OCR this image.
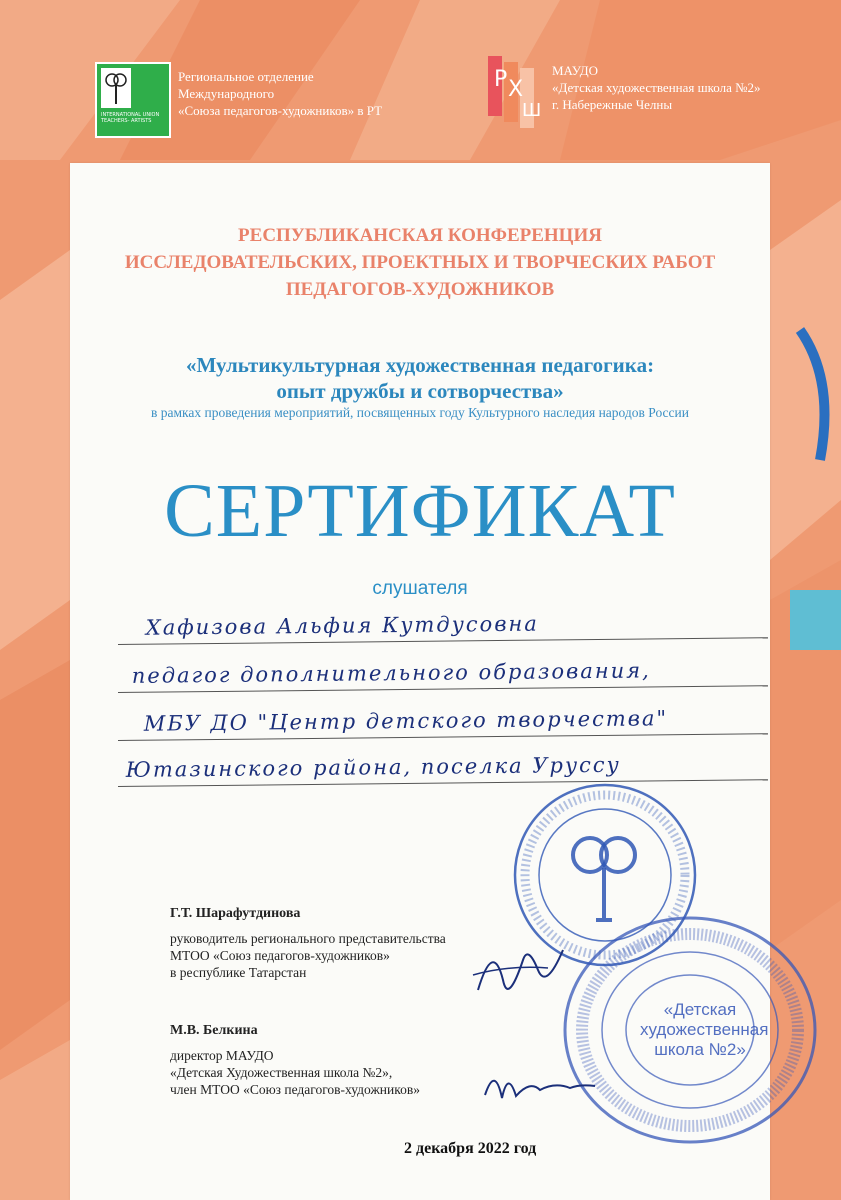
INTERNATIONAL UNION TEACHERS- ARTISTS
Региональное отделение
Международного
«Союза педагогов-художников» в РТ
Р Х
Ш
МАУДО
«Детская художественная школа №2»
г. Набережные Челны
РЕСПУБЛИКАНСКАЯ КОНФЕРЕНЦИЯ
ИССЛЕДОВАТЕЛЬСКИХ, ПРОЕКТНЫХ И ТВОРЧЕСКИХ РАБОТ
ПЕДАГОГОВ-ХУДОЖНИКОВ
«Мультикультурная художественная педагогика:
опыт дружбы и сотворчества»
в рамках проведения мероприятий, посвященных году Культурного наследия народов России
СЕРТИФИКАТ
слушателя
Хафизова Альфия Кутдусовна
педагог дополнительного образования,
МБУ ДО "Центр детского творчества"
Ютазинского района, поселка Уруссу
Г.Т. Шарафутдинова
руководитель регионального представительства
МТОО «Союз педагогов-художников»
в республике Татарстан
М.В. Белкина
директор МАУДО
«Детская Художественная школа №2»,
член МТОО «Союз педагогов-художников»
«Детская
художественная
школа №2»
2 декабря 2022 год
